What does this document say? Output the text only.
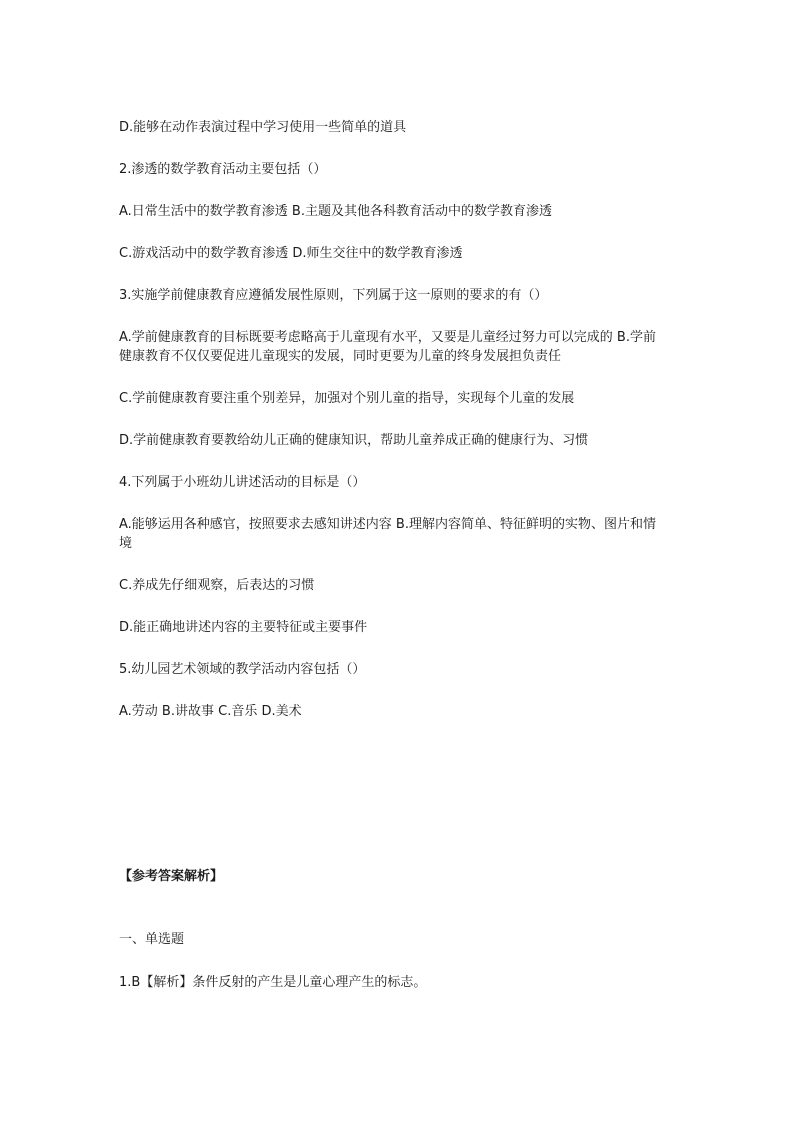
D.能够在动作表演过程中学习使用一些简单的道具
2.渗透的数学教育活动主要包括（）
A.日常生活中的数学教育渗透 B.主题及其他各科教育活动中的数学教育渗透
C.游戏活动中的数学教育渗透 D.师生交往中的数学教育渗透
3.实施学前健康教育应遵循发展性原则，下列属于这一原则的要求的有（）
A.学前健康教育的目标既要考虑略高于儿童现有水平，又要是儿童经过努力可以完成的 B.学前健康教育不仅仅要促进儿童现实的发展，同时更要为儿童的终身发展担负责任
C.学前健康教育要注重个别差异，加强对个别儿童的指导，实现每个儿童的发展
D.学前健康教育要教给幼儿正确的健康知识，帮助儿童养成正确的健康行为、习惯
4.下列属于小班幼儿讲述活动的目标是（）
A.能够运用各种感官，按照要求去感知讲述内容 B.理解内容简单、特征鲜明的实物、图片和情境
C.养成先仔细观察，后表达的习惯
D.能正确地讲述内容的主要特征或主要事件
5.幼儿园艺术领域的教学活动内容包括（）
A.劳动 B.讲故事 C.音乐 D.美术
【参考答案解析】
一、单选题
1.B【解析】条件反射的产生是儿童心理产生的标志。
